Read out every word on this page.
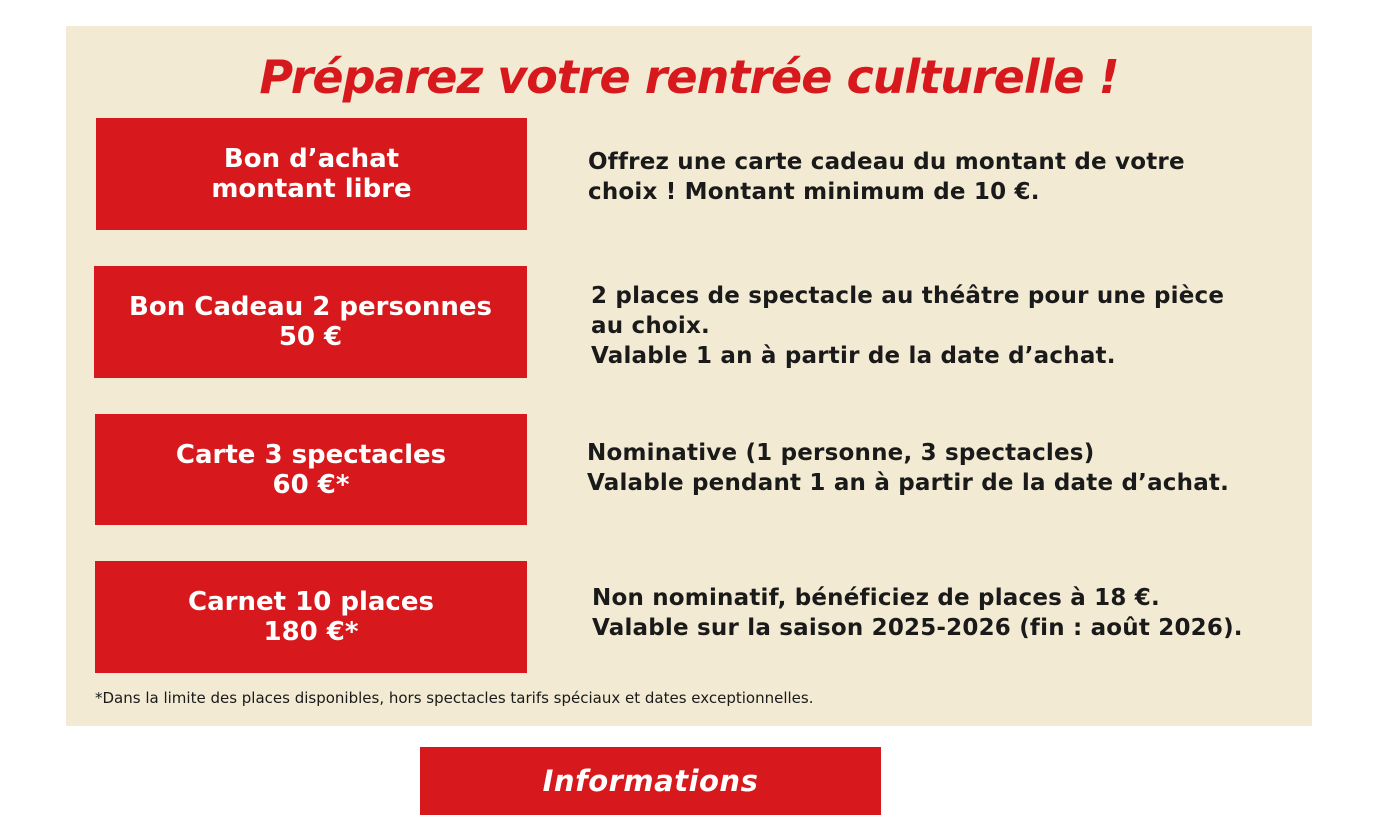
Préparez votre rentrée culturelle !
Bon d’achat
montant libre
Offrez une carte cadeau du montant de votre
choix ! Montant minimum de 10 €.
Bon Cadeau 2 personnes
50 €
2 places de spectacle au théâtre pour une pièce
au choix.
Valable 1 an à partir de la date d’achat.
Carte 3 spectacles
60 €*
Nominative (1 personne, 3 spectacles)
Valable pendant 1 an à partir de la date d’achat.
Carnet 10 places
180 €*
Non nominatif, bénéficiez de places à 18 €.
Valable sur la saison 2025-2026 (fin : août 2026).
*Dans la limite des places disponibles, hors spectacles tarifs spéciaux et dates exceptionnelles.
Informations
